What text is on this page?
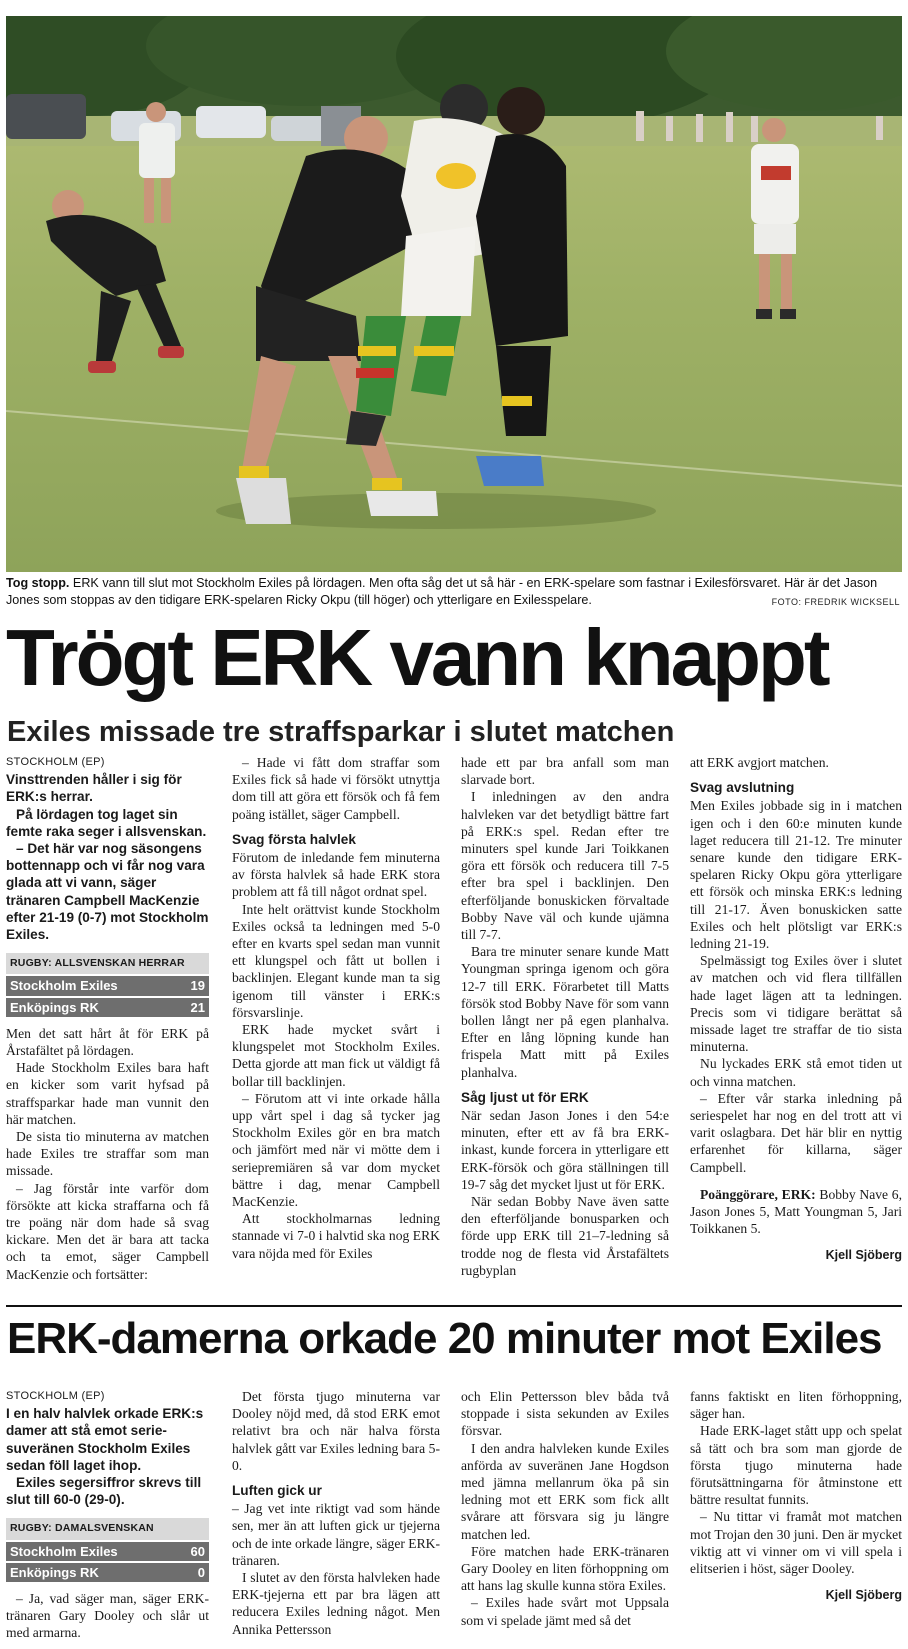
Tog stopp. ERK vann till slut mot Stockholm Exiles på lördagen. Men ofta såg det ut så här - en ERK-spelare som fastnar i Exilesförsvaret. Här är det Jason Jones som stoppas av den tidigare ERK-spelaren Ricky Okpu (till höger) och ytterligare en Exilesspelare.	FOTO: FREDRIK WICKSELL
Trögt ERK vann knappt
Exiles missade tre straffsparkar i slutet matchen

STOCKHOLM (EP)

Vinsttrenden håller i sig för ERK:s herrar.

På lördagen tog laget sin femte raka seger i allsvenskan.

– Det här var nog säsongens bottennapp och vi får nog vara glada att vi vann, säger tränaren Campbell MacKenzie efter 21-19 (0-7) mot Stockholm Exiles.

RUGBY: ALLSVENSKAN HERRAR
Stockholm Exiles	19
Enköpings RK	21

Men det satt hårt åt för ERK på Årstafältet på lördagen.

Hade Stockholm Exiles bara haft en kicker som varit hyfsad på straffsparkar hade man vunnit den här matchen.

De sista tio minuterna av matchen hade Exiles tre straffar som man missade.

– Jag förstår inte varför dom försökte att kicka straffarna och få tre poäng när dom hade så svag kickare. Men det är bara att tacka och ta emot, säger Campbell MacKenzie och fortsätter:

– Hade vi fått dom straffar som Exiles fick så hade vi försökt utnyttja dom till att göra ett försök och få fem poäng istället, säger Campbell.

Svag första halvlek

Förutom de inledande fem minuterna av första halvlek så hade ERK stora problem att få till något ordnat spel.

Inte helt orättvist kunde Stockholm Exiles också ta ledningen med 5-0 efter en kvarts spel sedan man vunnit ett klungspel och fått ut bollen i backlinjen. Elegant kunde man ta sig igenom till vänster i ERK:s försvarslinje.

ERK hade mycket svårt i klungspelet mot Stockholm Exiles. Detta gjorde att man fick ut väldigt få bollar till backlinjen.

– Förutom att vi inte orkade hålla upp vårt spel i dag så tycker jag Stockholm Exiles gör en bra match och jämfört med när vi mötte dem i seriepremiären så var dom mycket bättre i dag, menar Campbell MacKenzie.

Att stockholmarnas ledning stannade vi 7-0 i halvtid ska nog ERK vara nöjda med för Exiles

hade ett par bra anfall som man slarvade bort.

I inledningen av den andra halvleken var det betydligt bättre fart på ERK:s spel. Redan efter tre minuters spel kunde Jari Toikkanen göra ett försök och reducera till 7-5 efter bra spel i backlinjen. Den efterföljande bonuskicken förvaltade Bobby Nave väl och kunde ujämna till 7-7.

Bara tre minuter senare kunde Matt Youngman springa igenom och göra 12-7 till ERK. Förarbetet till Matts försök stod Bobby Nave för som vann bollen långt ner på egen planhalva. Efter en lång löpning kunde han frispela Matt mitt på Exiles planhalva.

Såg ljust ut för ERK

När sedan Jason Jones i den 54:e minuten, efter ett av få bra ERK-inkast, kunde forcera in ytterligare ett ERK-försök och göra ställningen till 19-7 såg det mycket ljust ut för ERK.

När sedan Bobby Nave även satte den efterföljande bonusparken och förde upp ERK till 21–7-ledning så trodde nog de flesta vid Årstafältets rugbyplan

att ERK avgjort matchen.

Svag avslutning

Men Exiles jobbade sig in i matchen igen och i den 60:e minuten kunde laget reducera till 21-12. Tre minuter senare kunde den tidigare ERK-spelaren Ricky Okpu göra ytterligare ett försök och minska ERK:s ledning till 21-17. Även bonuskicken satte Exiles och helt plötsligt var ERK:s ledning 21-19.

Spelmässigt tog Exiles över i slutet av matchen och vid flera tillfällen hade laget lägen att ta ledningen. Precis som vi tidigare berättat så missade laget tre straffar de tio sista minuterna.

Nu lyckades ERK stå emot tiden ut och vinna matchen.

– Efter vår starka inledning på seriespelet har nog en del trott att vi varit oslagbara. Det här blir en nyttig erfarenhet för killarna, säger Campbell.

Poänggörare, ERK: Bobby Nave 6, Jason Jones 5, Matt Youngman 5, Jari Toikkanen 5.

Kjell Sjöberg

ERK-damerna orkade 20 minuter mot Exiles

STOCKHOLM (EP)

I en halv halvlek orkade ERK:s damer att stå emot serie-suveränen Stockholm Exiles sedan föll laget ihop.

Exiles segersiffror skrevs till slut till 60-0 (29-0).

RUGBY: DAMALSVENSKAN
Stockholm Exiles	60
Enköpings RK	0

– Ja, vad säger man, säger ERK-tränaren Gary Dooley och slår ut med armarna.

Det första tjugo minuterna var Dooley nöjd med, då stod ERK emot relativt bra och när halva första halvlek gått var Exiles ledning bara 5-0.

Luften gick ur

– Jag vet inte riktigt vad som hände sen, mer än att luften gick ur tjejerna och de inte orkade längre, säger ERK-tränaren.

I slutet av den första halvleken hade ERK-tjejerna ett par bra lägen att reducera Exiles ledning något. Men Annika Pettersson

och Elin Pettersson blev båda två stoppade i sista sekunden av Exiles försvar.

I den andra halvleken kunde Exiles anförda av suveränen Jane Hogdson med jämna mellanrum öka på sin ledning mot ett ERK som fick allt svårare att försvara sig ju längre matchen led.

Före matchen hade ERK-tränaren Gary Dooley en liten förhoppning om att hans lag skulle kunna störa Exiles.

– Exiles hade svårt mot Uppsala som vi spelade jämt med så det

fanns faktiskt en liten förhoppning, säger han.

Hade ERK-laget stått upp och spelat så tätt och bra som man gjorde de första tjugo minuterna hade förutsättningarna för åtminstone ett bättre resultat funnits.

– Nu tittar vi framåt mot matchen mot Trojan den 30 juni. Den är mycket viktig att vi vinner om vi vill spela i elitserien i höst, säger Dooley.

Kjell Sjöberg
